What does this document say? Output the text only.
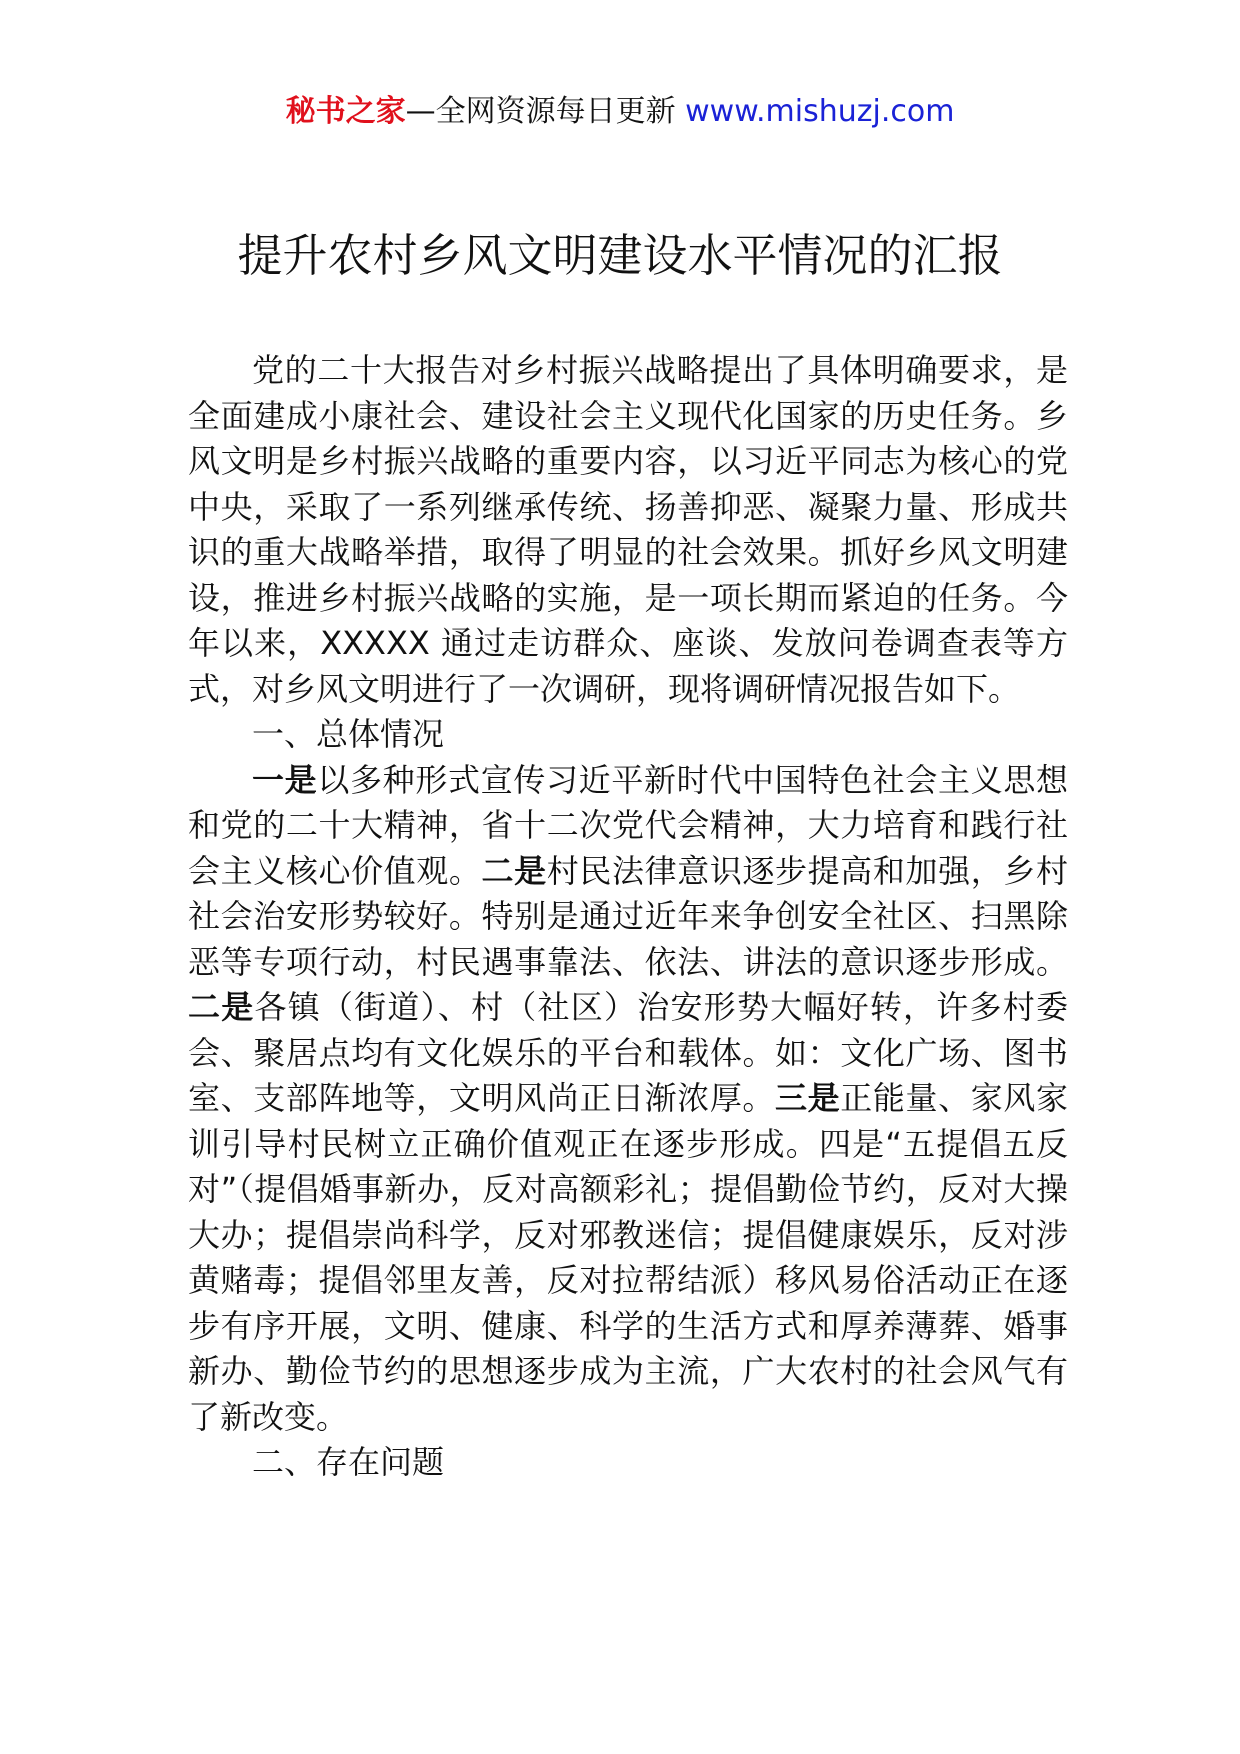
秘书之家—全网资源每日更新 www.mishuzj.com
提升农村乡风文明建设水平情况的汇报

党的二十大报告对乡村振兴战略提出了具体明确要求，是全面建成小康社会、建设社会主义现代化国家的历史任务。乡风文明是乡村振兴战略的重要内容，以习近平同志为核心的党中央，采取了一系列继承传统、扬善抑恶、凝聚力量、形成共识的重大战略举措，取得了明显的社会效果。抓好乡风文明建设，推进乡村振兴战略的实施，是一项长期而紧迫的任务。今年以来，XXXXX 通过走访群众、座谈、发放问卷调查表等方式，对乡风文明进行了一次调研，现将调研情况报告如下。

一、总体情况

一是以多种形式宣传习近平新时代中国特色社会主义思想和党的二十大精神，省十二次党代会精神，大力培育和践行社会主义核心价值观。二是村民法律意识逐步提高和加强，乡村社会治安形势较好。特别是通过近年来争创安全社区、扫黑除恶等专项行动，村民遇事靠法、依法、讲法的意识逐步形成。二是各镇（街道）、村（社区）治安形势大幅好转，许多村委会、聚居点均有文化娱乐的平台和载体。如：文化广场、图书室、支部阵地等，文明风尚正日渐浓厚。三是正能量、家风家训引导村民树立正确价值观正在逐步形成。四是“五提倡五反对”（提倡婚事新办，反对高额彩礼；提倡勤俭节约，反对大操大办；提倡崇尚科学，反对邪教迷信；提倡健康娱乐，反对涉黄赌毒；提倡邻里友善，反对拉帮结派）移风易俗活动正在逐步有序开展，文明、健康、科学的生活方式和厚养薄葬、婚事新办、勤俭节约的思想逐步成为主流，广大农村的社会风气有了新改变。

二、存在问题
